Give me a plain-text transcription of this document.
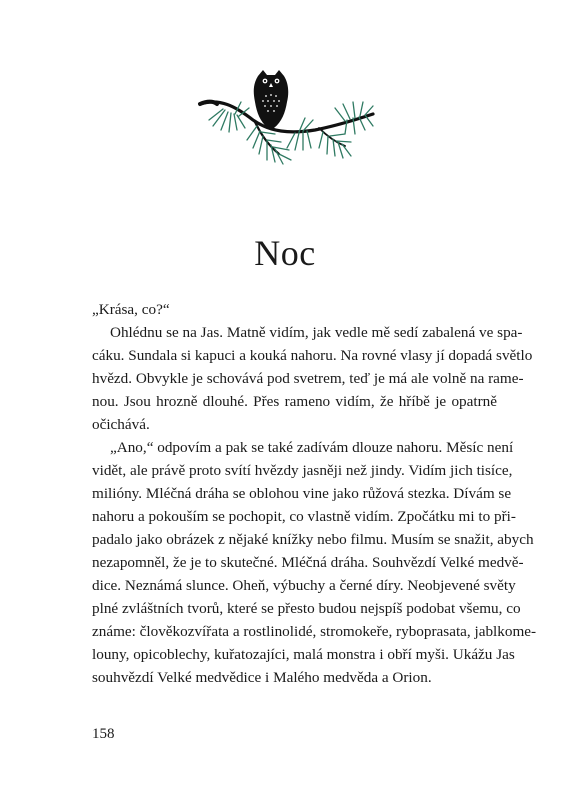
Noc
„Krása, co?“
Ohlédnu se na Jas. Matně vidím, jak vedle mě sedí zabalená ve spa-
cáku. Sundala si kapuci a kouká nahoru. Na rovné vlasy jí dopadá světlo
hvězd. Obvykle je schovává pod svetrem, teď je má ale volně na rame-
nou. Jsou hrozně dlouhé. Přes rameno vidím, že hříbě je opatrně
očichává.
„Ano,“ odpovím a pak se také zadívám dlouze nahoru. Měsíc není
vidět, ale právě proto svítí hvězdy jasněji než jindy. Vidím jich tisíce,
milióny. Mléčná dráha se oblohou vine jako růžová stezka. Dívám se
nahoru a pokouším se pochopit, co vlastně vidím. Zpočátku mi to při-
padalo jako obrázek z nějaké knížky nebo filmu. Musím se snažit, abych
nezapomněl, že je to skutečné. Mléčná dráha. Souhvězdí Velké medvě-
dice. Neznámá slunce. Oheň, výbuchy a černé díry. Neobjevené světy
plné zvláštních tvorů, které se přesto budou nejspíš podobat všemu, co
známe: člověkozvířata a rostlinolidé, stromokeře, ryboprasata, jablkome-
louny, opicoblechy, kuřatozajíci, malá monstra i obří myši. Ukážu Jas
souhvězdí Velké medvědice i Malého medvěda a Orion.
158
